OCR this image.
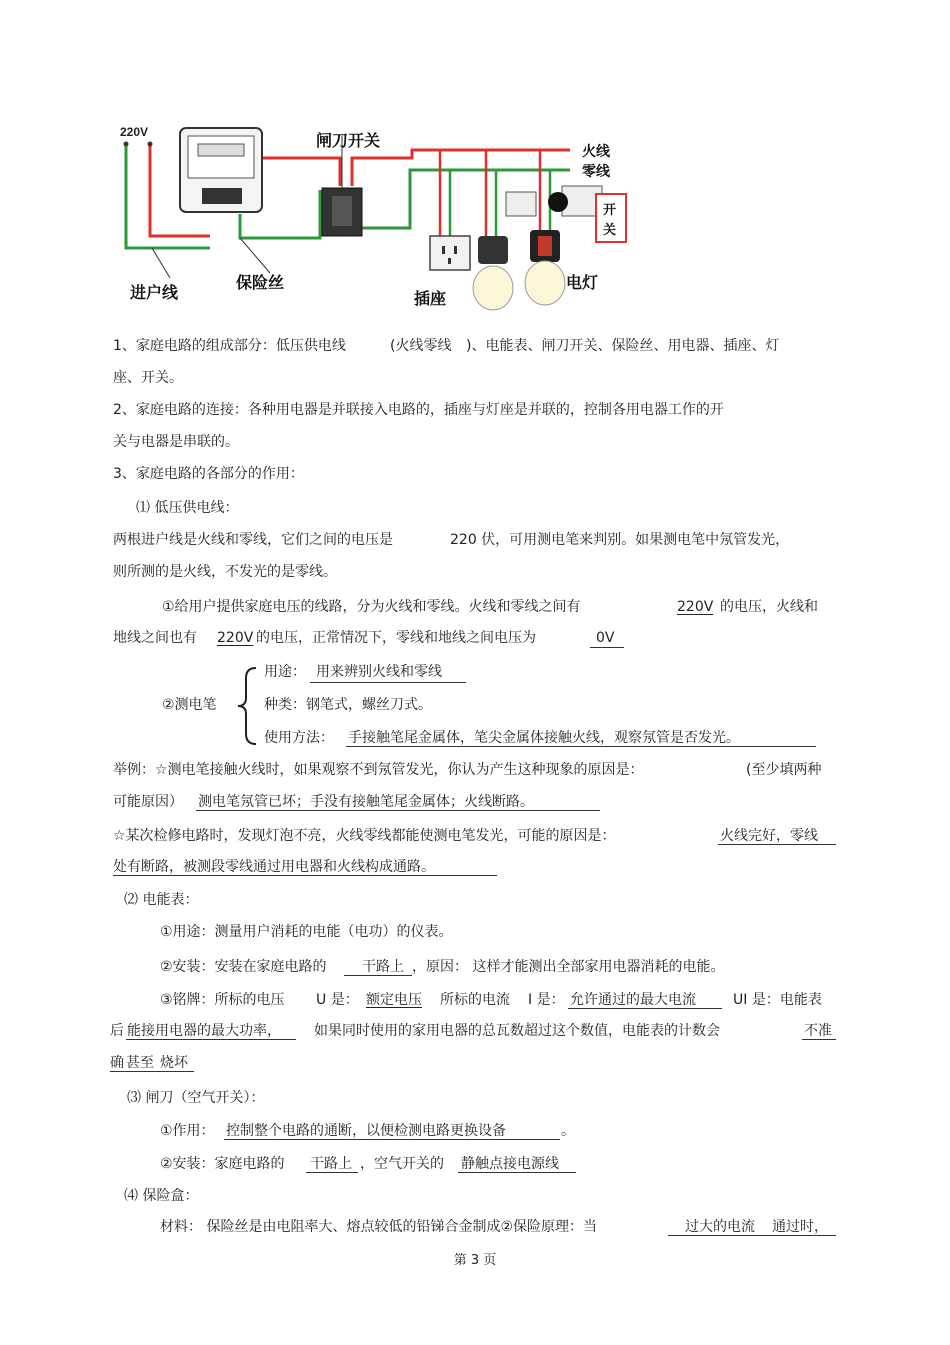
220V	闸刀开关
火线
零线
开关
进户线
保险丝
插座
电灯
1、家庭电路的组成部分：低压供电线	(火线零线 )、电能表、闸刀开关、保险丝、用电器、插座、灯
座、开关。
2、家庭电路的连接：各种用电器是并联接入电路的，插座与灯座是并联的，控制各用电器工作的开
关与电器是串联的。
3、家庭电路的各部分的作用：
⑴ 低压供电线：
两根进户线是火线和零线，它们之间的电压是	220 伏，可用测电笔来判别。如果测电笔中氖管发光，
则所测的是火线，不发光的是零线。
①给用户提供家庭电压的线路，分为火线和零线。火线和零线之间有	220V 的电压，火线和
地线之间也有 220V 的电压，正常情况下，零线和地线之间电压为	0V
②测电笔
用途： 用来辨别火线和零线
种类：钢笔式，螺丝刀式。
使用方法： 手接触笔尾金属体，笔尖金属体接触火线，观察氖管是否发光。
举例：☆测电笔接触火线时，如果观察不到氖管发光，你认为产生这种现象的原因是：	(至少填两种
可能原因） 测电笔氖管已坏；手没有接触笔尾金属体；火线断路。
☆某次检修电路时，发现灯泡不亮，火线零线都能使测电笔发光，可能的原因是：	火线完好，零线
处有断路，被测段零线通过用电器和火线构成通路。
⑵ 电能表：
①用途：测量用户消耗的电能（电功）的仪表。
②安装：安装在家庭电路的	干路上 ，原因： 这样才能测出全部家用电器消耗的电能。
③铭牌：所标的电压 U 是： 额定电压 所标的电流 I 是： 允许通过的最大电流	UI 是：电能表
后 能接用电器的最大功率， 如果同时使用的家用电器的总瓦数超过这个数值，电能表的计数会	不准
确 甚至 烧坏
⑶ 闸刀（空气开关）：
①作用： 控制整个电路的通断，以便检测电路更换设备	。
②安装：家庭电路的 干路上 ，空气开关的 静触点接电源线
⑷ 保险盒：
材料： 保险丝是由电阻率大、熔点较低的铅锑合金制成②保险原理：当	过大的电流 通过时，
第 3 页
